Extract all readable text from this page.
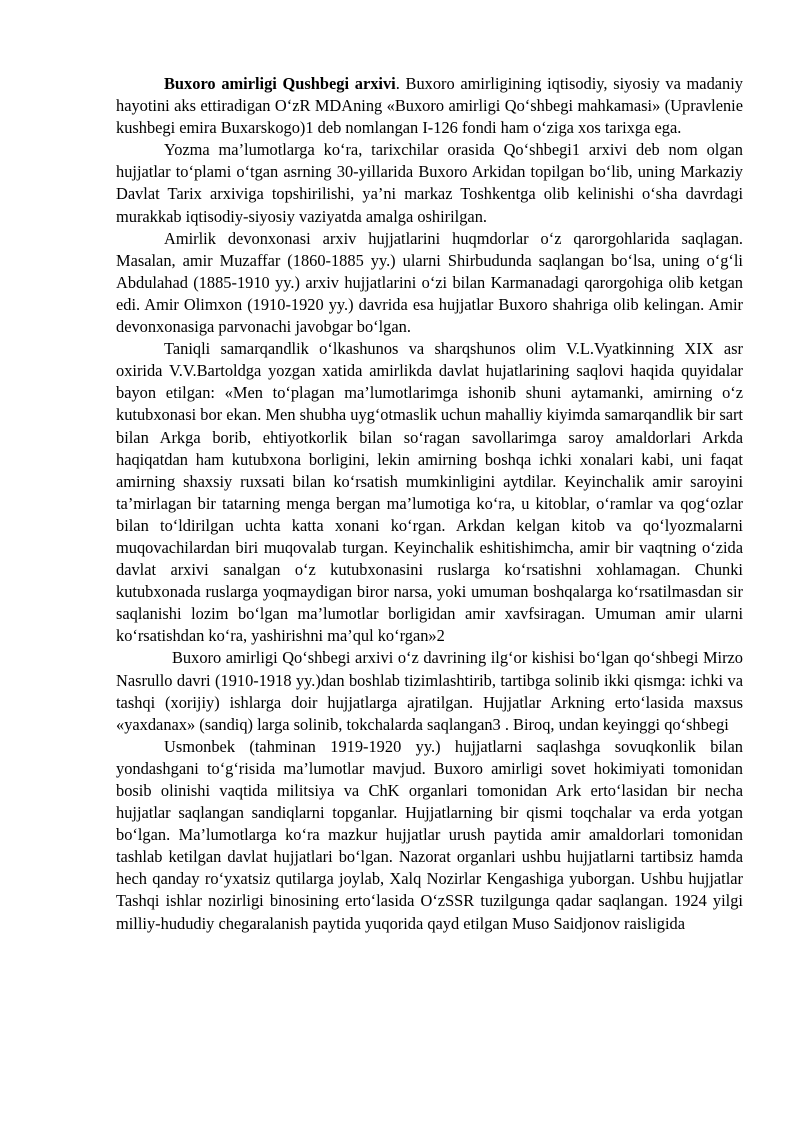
Buxoro amirligi Qushbegi arxivi. Buxoro amirligining iqtisodiy, siyosiy va madaniy hayotini aks ettiradigan O‘zR MDAning «Buxoro amirligi Qo‘shbegi mahkamasi» (Upravlenie kushbegi emira Buxarskogo)1 deb nomlangan I-126 fondi ham o‘ziga xos tarixga ega.

Yozma ma’lumotlarga ko‘ra, tarixchilar orasida Qo‘shbegi1 arxivi deb nom olgan hujjatlar to‘plami o‘tgan asrning 30-yillarida Buxoro Arkidan topilgan bo‘lib, uning Markaziy Davlat Tarix arxiviga topshirilishi, ya’ni markaz Toshkentga olib kelinishi o‘sha davrdagi murakkab iqtisodiy-siyosiy vaziyatda amalga oshirilgan.

Amirlik devonxonasi arxiv hujjatlarini huqmdorlar o‘z qarorgohlarida saqlagan. Masalan, amir Muzaffar (1860-1885 yy.) ularni Shirbudunda saqlangan bo‘lsa, uning o‘g‘li Abdulahad (1885-1910 yy.) arxiv hujjatlarini o‘zi bilan Karmanadagi qarorgohiga olib ketgan edi. Amir Olimxon (1910-1920 yy.) davrida esa hujjatlar Buxoro shahriga olib kelingan. Amir devonxonasiga parvonachi javobgar bo‘lgan.

Taniqli samarqandlik o‘lkashunos va sharqshunos olim V.L.Vyatkinning XIX asr oxirida V.V.Bartoldga yozgan xatida amirlikda davlat hujatlarining saqlovi haqida quyidalar bayon etilgan: «Men to‘plagan ma’lumotlarimga ishonib shuni aytamanki, amirning o‘z kutubxonasi bor ekan. Men shubha uyg‘otmaslik uchun mahalliy kiyimda samarqandlik bir sart bilan Arkga borib, ehtiyotkorlik bilan so‘ragan savollarimga saroy amaldorlari Arkda haqiqatdan ham kutubxona borligini, lekin amirning boshqa ichki xonalari kabi, uni faqat amirning shaxsiy ruxsati bilan ko‘rsatish mumkinligini aytdilar. Keyinchalik amir saroyini ta’mirlagan bir tatarning menga bergan ma’lumotiga ko‘ra, u kitoblar, o‘ramlar va qog‘ozlar bilan to‘ldirilgan uchta katta xonani ko‘rgan. Arkdan kelgan kitob va qo‘lyozmalarni muqovachilardan biri muqovalab turgan. Keyinchalik eshitishimcha, amir bir vaqtning o‘zida davlat arxivi sanalgan o‘z kutubxonasini ruslarga ko‘rsatishni xohlamagan. Chunki kutubxonada ruslarga yoqmaydigan biror narsa, yoki umuman boshqalarga ko‘rsatilmasdan sir saqlanishi lozim bo‘lgan ma’lumotlar borligidan amir xavfsiragan. Umuman amir ularni ko‘rsatishdan ko‘ra, yashirishni ma’qul ko‘rgan»2

Buxoro amirligi Qo‘shbegi arxivi o‘z davrining ilg‘or kishisi bo‘lgan qo‘shbegi Mirzo Nasrullo davri (1910-1918 yy.)dan boshlab tizimlashtirib, tartibga solinib ikki qismga: ichki va tashqi (xorijiy) ishlarga doir hujjatlarga ajratilgan. Hujjatlar Arkning erto‘lasida maxsus «yaxdanax» (sandiq) larga solinib, tokchalarda saqlangan3 . Biroq, undan keyinggi qo‘shbegi

Usmonbek (tahminan 1919-1920 yy.) hujjatlarni saqlashga sovuqkonlik bilan yondashgani to‘g‘risida ma’lumotlar mavjud. Buxoro amirligi sovet hokimiyati tomonidan bosib olinishi vaqtida militsiya va ChK organlari tomonidan Ark erto‘lasidan bir necha hujjatlar saqlangan sandiqlarni topganlar. Hujjatlarning bir qismi toqchalar va erda yotgan bo‘lgan. Ma’lumotlarga ko‘ra mazkur hujjatlar urush paytida amir amaldorlari tomonidan tashlab ketilgan davlat hujjatlari bo‘lgan. Nazorat organlari ushbu hujjatlarni tartibsiz hamda hech qanday ro‘yxatsiz qutilarga joylab, Xalq Nozirlar Kengashiga yuborgan. Ushbu hujjatlar Tashqi ishlar nozirligi binosining erto‘lasida O‘zSSR tuzilgunga qadar saqlangan. 1924 yilgi milliy-hududiy chegaralanish paytida yuqorida qayd etilgan Muso Saidjonov raisligida
